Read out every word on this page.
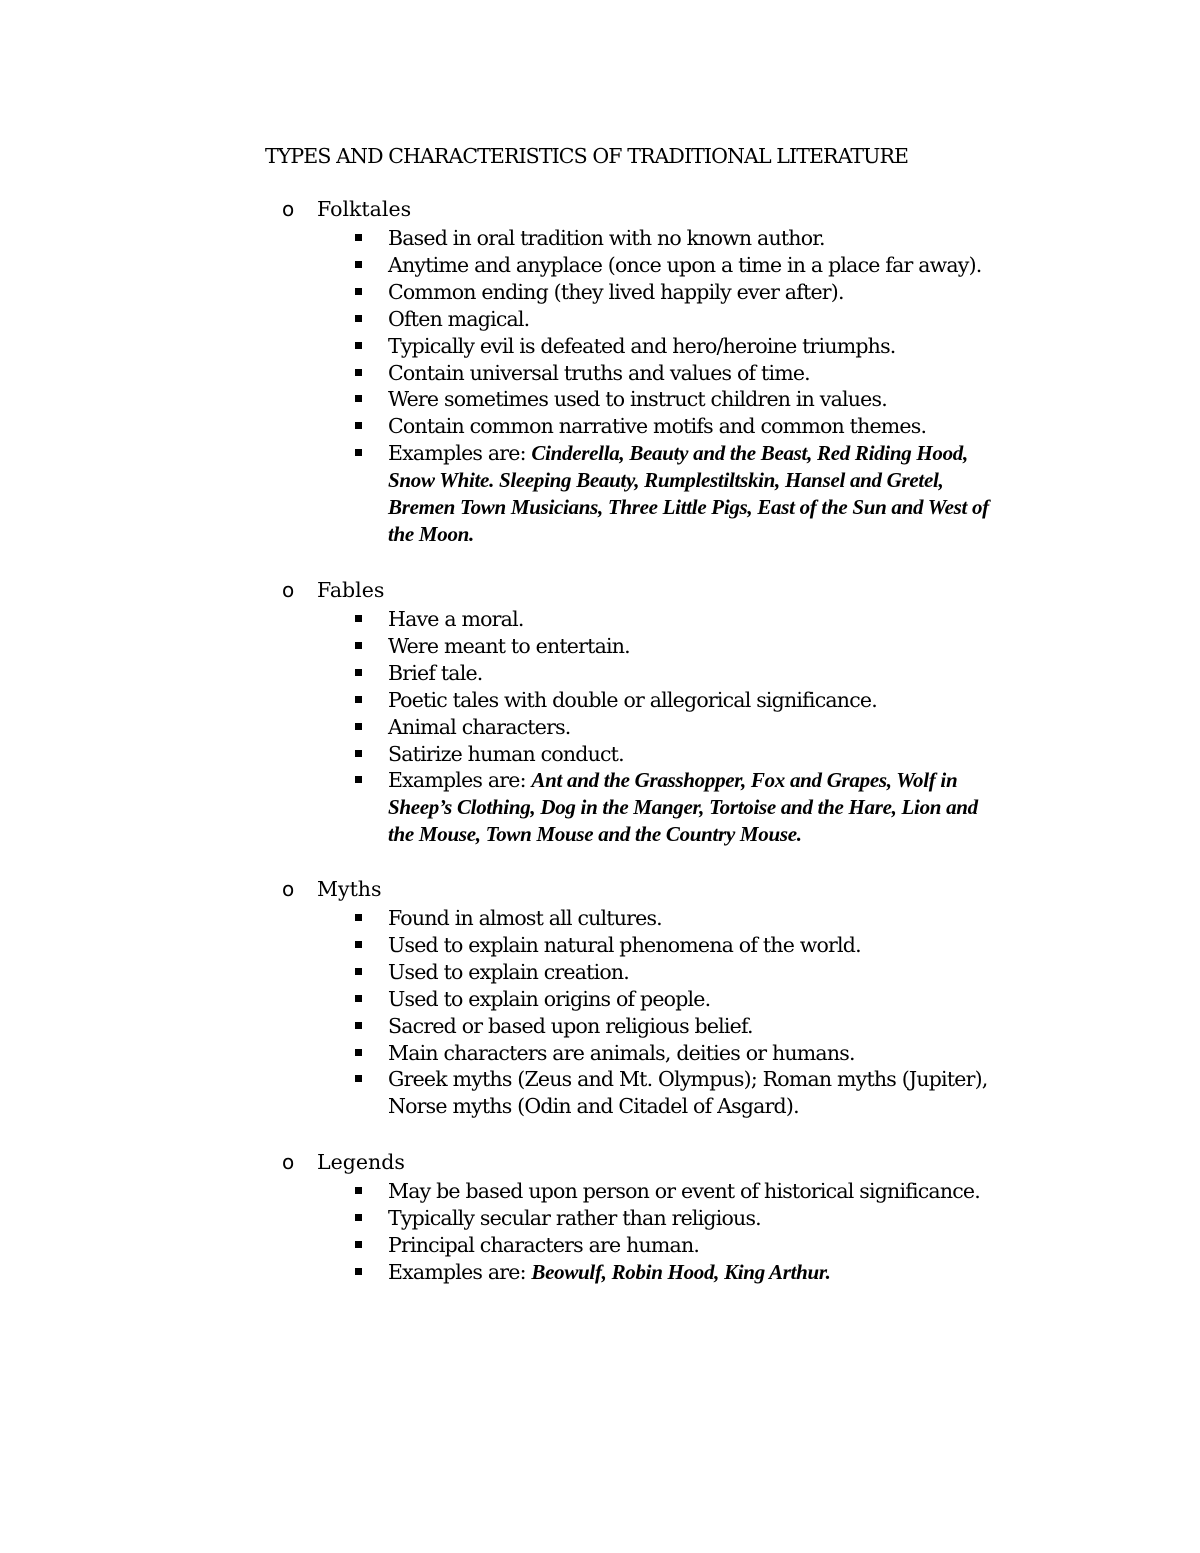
TYPES AND CHARACTERISTICS OF TRADITIONAL LITERATURE
o Folktales
Based in oral tradition with no known author.
Anytime and anyplace (once upon a time in a place far away).
Common ending (they lived happily ever after).
Often magical.
Typically evil is defeated and hero/heroine triumphs.
Contain universal truths and values of time.
Were sometimes used to instruct children in values.
Contain common narrative motifs and common themes.
Examples are: Cinderella, Beauty and the Beast, Red Riding Hood, Snow White. Sleeping Beauty, Rumplestiltskin, Hansel and Gretel, Bremen Town Musicians, Three Little Pigs, East of the Sun and West of the Moon.
o Fables
Have a moral.
Were meant to entertain.
Brief tale.
Poetic tales with double or allegorical significance.
Animal characters.
Satirize human conduct.
Examples are: Ant and the Grasshopper, Fox and Grapes, Wolf in Sheep’s Clothing, Dog in the Manger, Tortoise and the Hare, Lion and the Mouse, Town Mouse and the Country Mouse.
o Myths
Found in almost all cultures.
Used to explain natural phenomena of the world.
Used to explain creation.
Used to explain origins of people.
Sacred or based upon religious belief.
Main characters are animals, deities or humans.
Greek myths (Zeus and Mt. Olympus); Roman myths (Jupiter), Norse myths (Odin and Citadel of Asgard).
o Legends
May be based upon person or event of historical significance.
Typically secular rather than religious.
Principal characters are human.
Examples are: Beowulf, Robin Hood, King Arthur.
